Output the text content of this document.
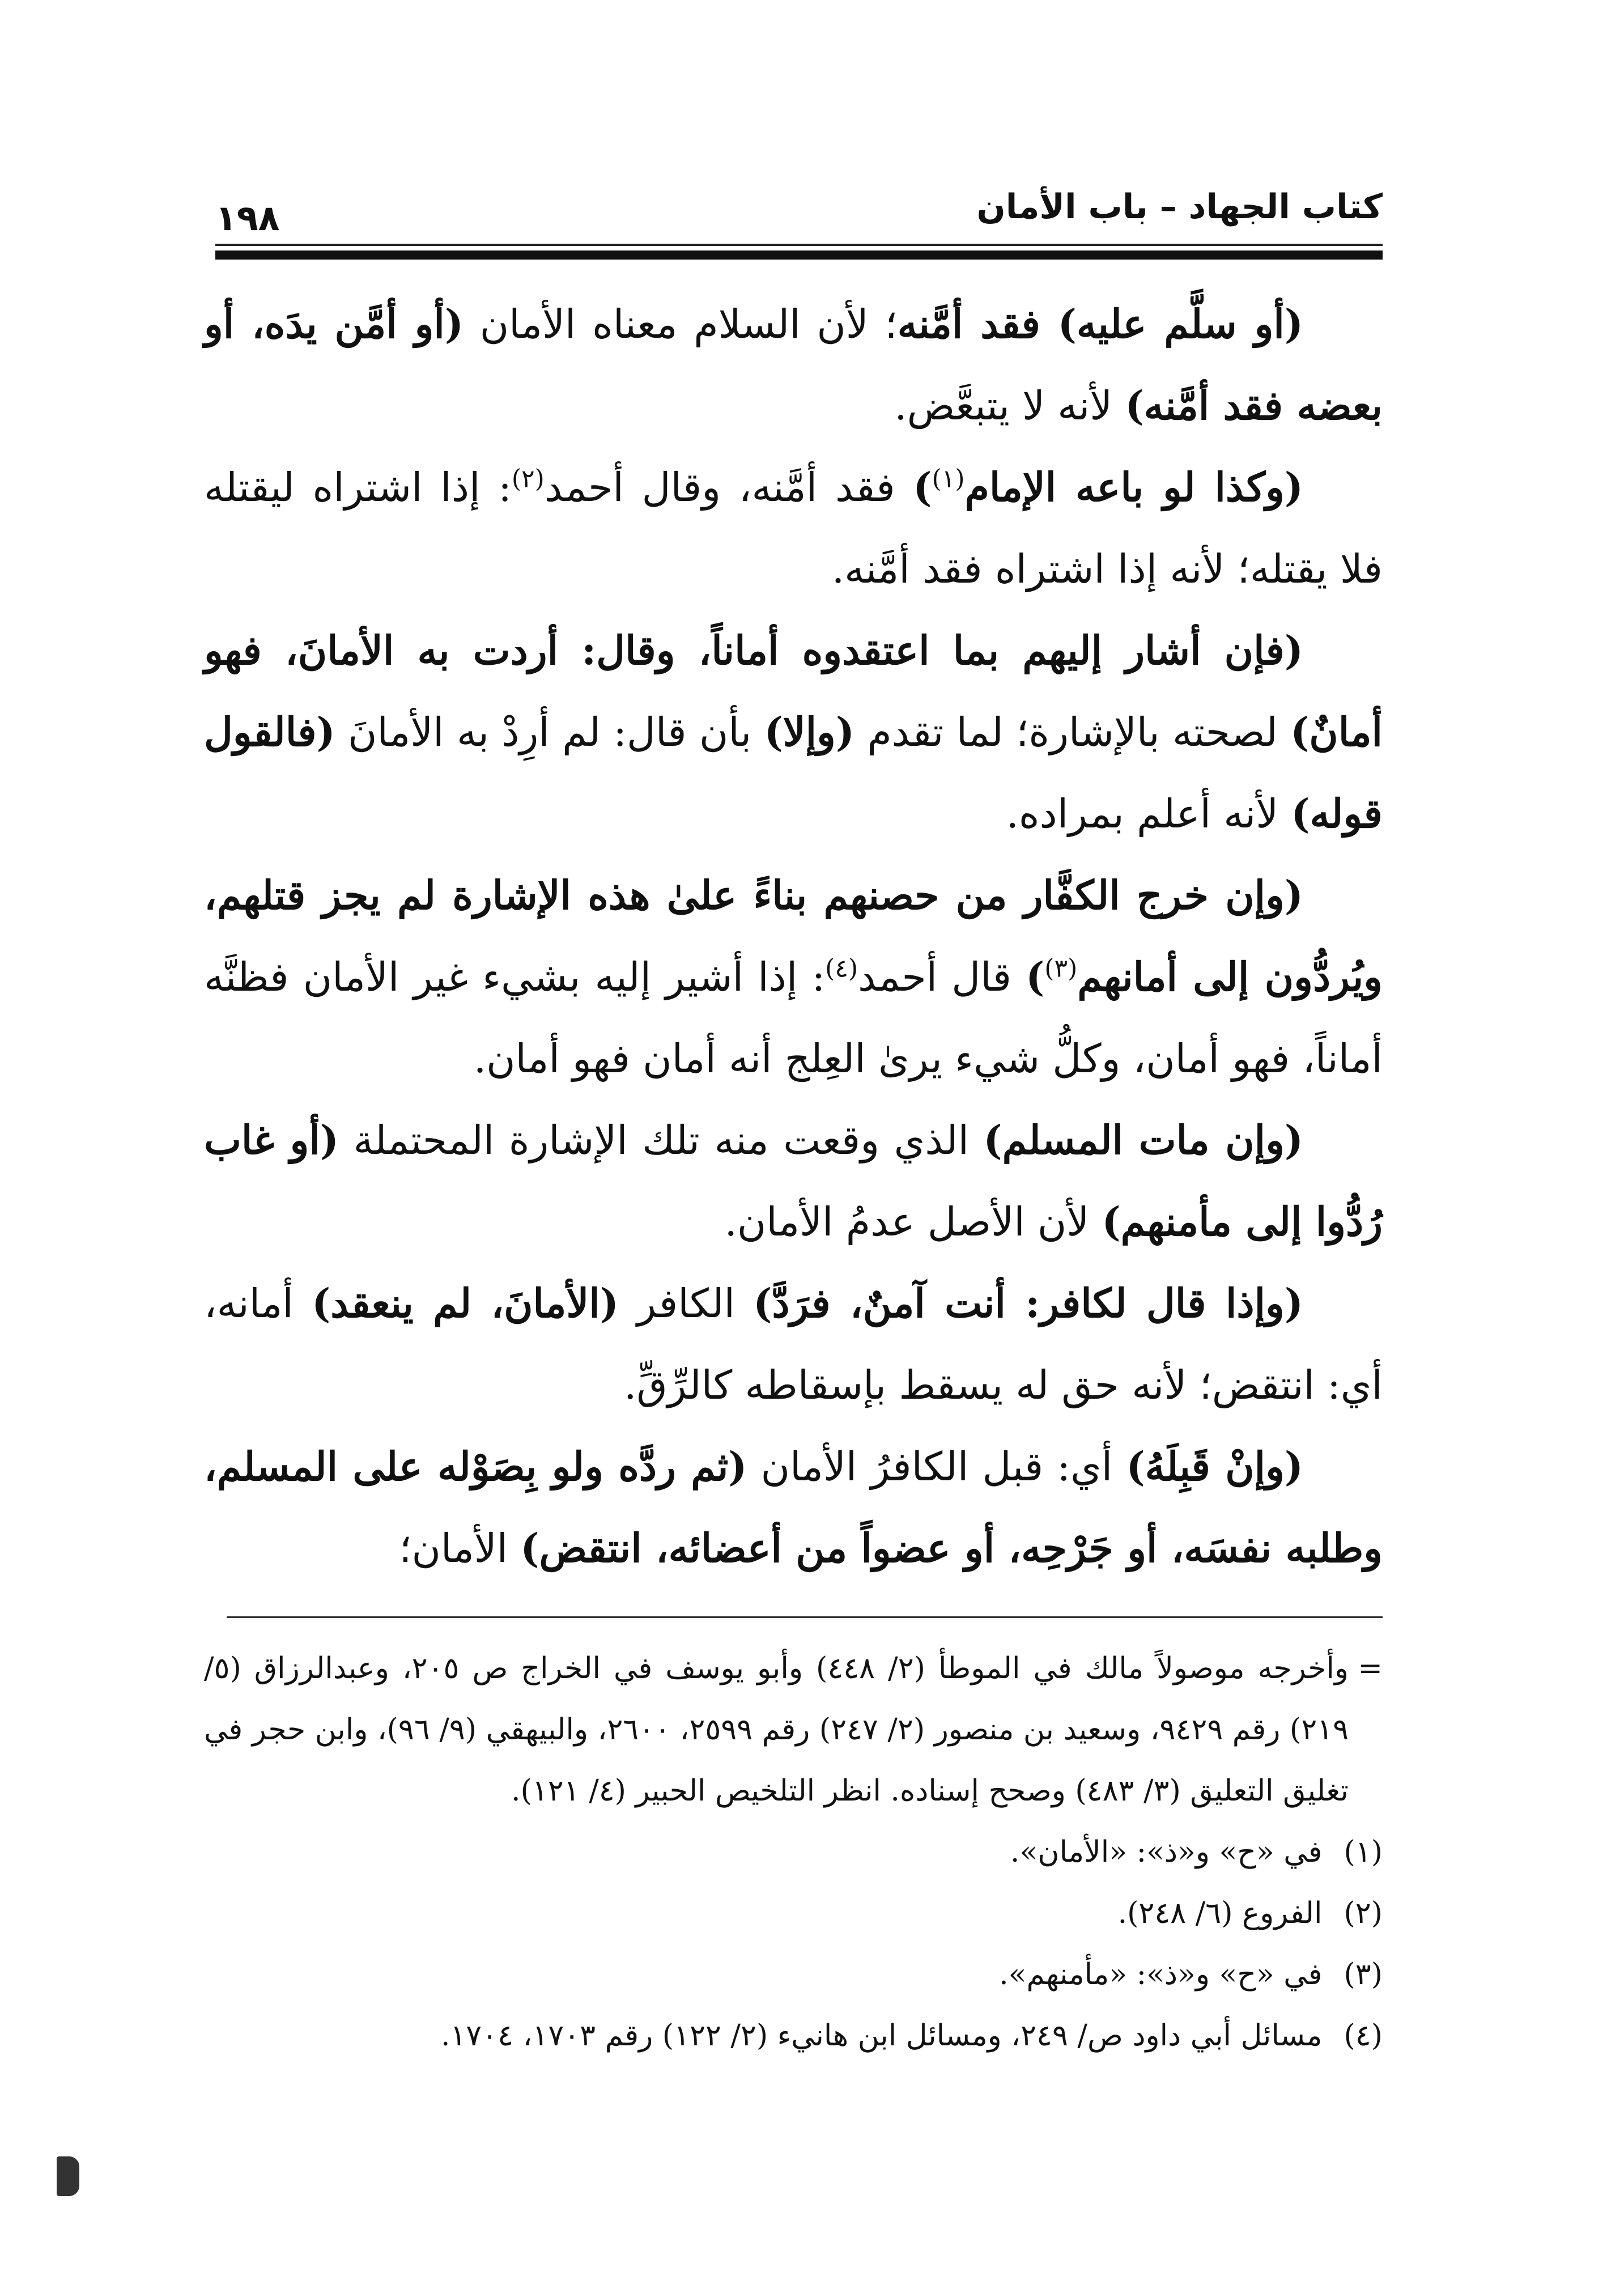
كتاب الجهاد – باب الأمان
١٩٨

(أو سلَّم عليه) فقد أمَّنه؛ لأن السلام معناه الأمان (أو أمَّن يدَه، أو بعضه فقد أمَّنه) لأنه لا يتبعَّض.

(وكذا لو باعه الإمام$^{(١)}$) فقد أمَّنه، وقال أحمد$^{(٢)}$: إذا اشتراه ليقتله فلا يقتله؛ لأنه إذا اشتراه فقد أمَّنه.

(فإن أشار إليهم بما اعتقدوه أماناً، وقال: أردت به الأمانَ، فهو أمانٌ) لصحته بالإشارة؛ لما تقدم (وإلا) بأن قال: لم أرِدْ به الأمانَ (فالقول قوله) لأنه أعلم بمراده.

(وإن خرج الكفَّار من حصنهم بناءً علىٰ هذه الإشارة لم يجز قتلهم، ويُردُّون إلى أمانهم$^{(٣)}$) قال أحمد$^{(٤)}$: إذا أشير إليه بشيء غير الأمان فظنَّه أماناً، فهو أمان، وكلُّ شيء يرىٰ العِلج أنه أمان فهو أمان.

(وإن مات المسلم) الذي وقعت منه تلك الإشارة المحتملة (أو غاب رُدُّوا إلى مأمنهم) لأن الأصل عدمُ الأمان.

(وإذا قال لكافر: أنت آمنٌ، فرَدَّ) الكافر (الأمانَ، لم ينعقد) أمانه، أي: انتقض؛ لأنه حق له يسقط بإسقاطه كالرِّقِّ.

(وإنْ قَبِلَهُ) أي: قبل الكافرُ الأمان (ثم ردَّه ولو بِصَوْله على المسلم، وطلبه نفسَه، أو جَرْحِه، أو عضواً من أعضائه، انتقض) الأمان؛

=
وأخرجه موصولاً مالك في الموطأ (٢/ ٤٤٨) وأبو يوسف في الخراج ص ٢٠٥، وعبدالرزاق (٥/ ٢١٩) رقم ٩٤٢٩، وسعيد بن منصور (٢/ ٢٤٧) رقم ٢٥٩٩، ٢٦٠٠، والبيهقي (٩/ ٩٦)، وابن حجر في تغليق التعليق (٣/ ٤٨٣) وصحح إسناده. انظر التلخيص الحبير (٤/ ١٢١).

(١) في «ح» و«ذ»: «الأمان».

(٢) الفروع (٦/ ٢٤٨).

(٣) في «ح» و«ذ»: «مأمنهم».

(٤) مسائل أبي داود ص/ ٢٤٩، ومسائل ابن هانيء (٢/ ١٢٢) رقم ١٧٠٣، ١٧٠٤.
